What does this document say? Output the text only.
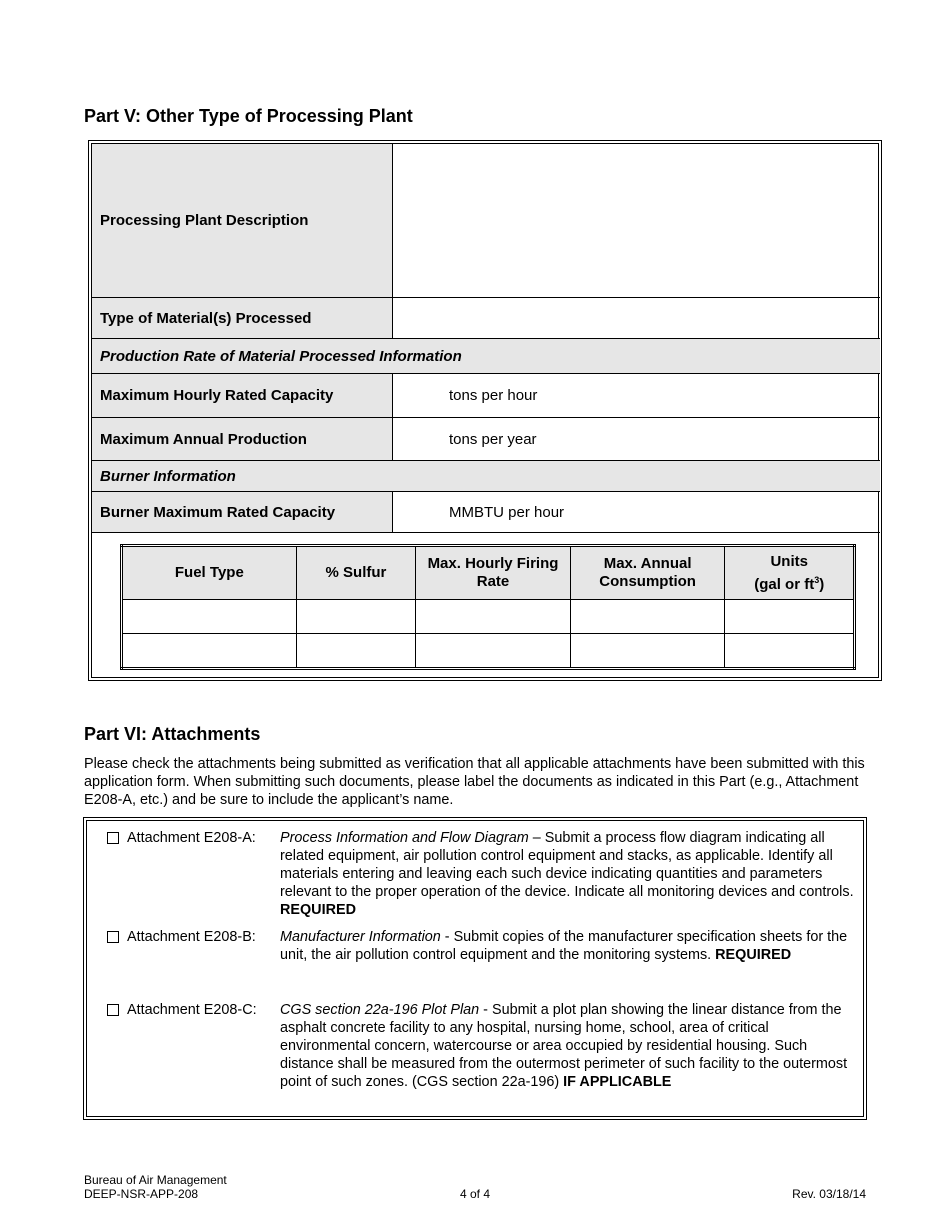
Part V: Other Type of Processing Plant
Processing Plant Description
Type of Material(s) Processed
Production Rate of Material Processed Information
Maximum Hourly Rated Capacity	tons per hour
Maximum Annual Production	tons per year
Burner Information
Burner Maximum Rated Capacity	MMBTU per hour
Fuel Type	% Sulfur	Max. Hourly Firing Rate	Max. Annual Consumption	Units
(gal or $ft^3$)

Part VI: Attachments
Please check the attachments being submitted as verification that all applicable attachments have been submitted with this application form. When submitting such documents, please label the documents as indicated in this Part (e.g., Attachment E208-A, etc.) and be sure to include the applicant’s name.
Attachment E208-A: Process Information and Flow Diagram – Submit a process flow diagram indicating all related equipment, air pollution control equipment and stacks, as applicable. Identify all materials entering and leaving each such device indicating quantities and parameters relevant to the proper operation of the device. Indicate all monitoring devices and controls. REQUIRED
Attachment E208-B: Manufacturer Information - Submit copies of the manufacturer specification sheets for the unit, the air pollution control equipment and the monitoring systems. REQUIRED
Attachment E208-C: CGS section 22a-196 Plot Plan - Submit a plot plan showing the linear distance from the asphalt concrete facility to any hospital, nursing home, school, area of critical environmental concern, watercourse or area occupied by residential housing. Such distance shall be measured from the outermost perimeter of such facility to the outermost point of such zones. (CGS section 22a-196) IF APPLICABLE
Bureau of Air Management
DEEP-NSR-APP-208	4 of 4	Rev. 03/18/14
